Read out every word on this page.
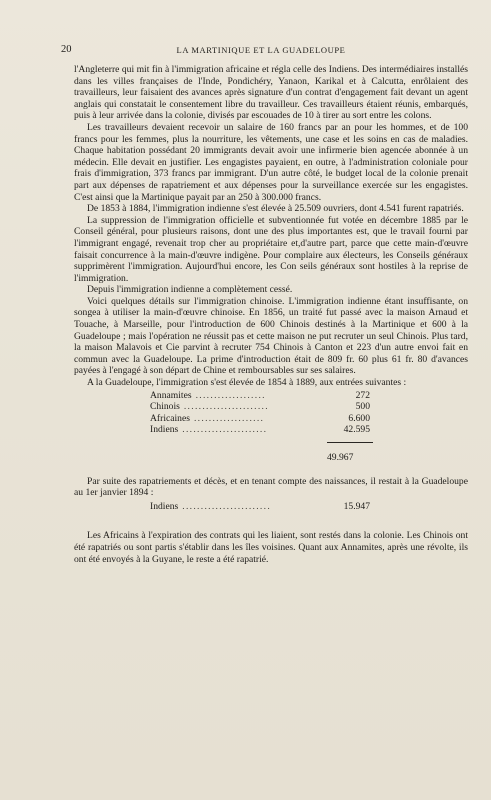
20	LA MARTINIQUE ET LA GUADELOUPE

l'Angleterre qui mit fin à l'immigration africaine et régla celle des Indiens. Des intermédiaires installés dans les villes françaises de l'Inde, Pondichéry, Yanaon, Karikal et à Calcutta, enrôlaient des travailleurs, leur faisaient des avances après signature d'un contrat d'engagement fait devant un agent anglais qui constatait le consentement libre du travailleur. Ces travailleurs étaient réunis, embarqués, puis à leur arrivée dans la colonie, divisés par escouades de 10 à tirer au sort entre les colons.

Les travailleurs devaient recevoir un salaire de 160 francs par an pour les hommes, et de 100 francs pour les femmes, plus la nourriture, les vêtements, une case et les soins en cas de maladies. Chaque habitation possédant 20 immigrants devait avoir une infirmerie bien agencée abonnée à un médecin. Elle devait en justifier. Les engagistes payaient, en outre, à l'administration coloniale pour frais d'immigration, 373 francs par immigrant. D'un autre côté, le budget local de la colonie prenait part aux dépenses de rapatriement et aux dépenses pour la surveillance exercée sur les engagistes. C'est ainsi que la Martinique payait par an 250 à 300.000 francs.

De 1853 à 1884, l'immigration indienne s'est élevée à 25.509 ouvriers, dont 4.541 furent rapatriés.

La suppression de l'immigration officielle et subventionnée fut votée en décembre 1885 par le Conseil général, pour plusieurs raisons, dont une des plus importantes est, que le travail fourni par l'immigrant engagé, revenait trop cher au propriétaire et,d'autre part, parce que cette main-d'œuvre faisait concurrence à la main-d'œuvre indigène. Pour complaire aux électeurs, les Conseils généraux supprimèrent l'immigration. Aujourd'hui encore, les Con seils généraux sont hostiles à la reprise de l'immigration.

Depuis l'immigration indienne a complètement cessé.

Voici quelques détails sur l'immigration chinoise. L'immigration indienne étant insuffisante, on songea à utiliser la main-d'œuvre chinoise. En 1856, un traité fut passé avec la maison Arnaud et Touache, à Marseille, pour l'introduction de 600 Chinois destinés à la Martinique et 600 à la Guadeloupe ; mais l'opération ne réussit pas et cette maison ne put recruter un seul Chinois. Plus tard, la maison Malavois et Cie parvint à recruter 754 Chinois à Canton et 223 d'un autre envoi fait en commun avec la Guadeloupe. La prime d'introduction était de 809 fr. 60 plus 61 fr. 80 d'avances payées à l'engagé à son départ de Chine et remboursables sur ses salaires.

A la Guadeloupe, l'immigration s'est élevée de 1854 à 1889, aux entrées suivantes :

Annamites ...................	272
Chinois .......................	500
Africaines ...................	6.600
Indiens .......................	42.595
49.967

Par suite des rapatriements et décès, et en tenant compte des naissances, il restait à la Guadeloupe au 1er janvier 1894 :

Indiens ........................	15.947

Les Africains à l'expiration des contrats qui les liaient, sont restés dans la colonie. Les Chinois ont été rapatriés ou sont partis s'établir dans les îles voisines. Quant aux Annamites, après une révolte, ils ont été envoyés à la Guyane, le reste a été rapatrié.
